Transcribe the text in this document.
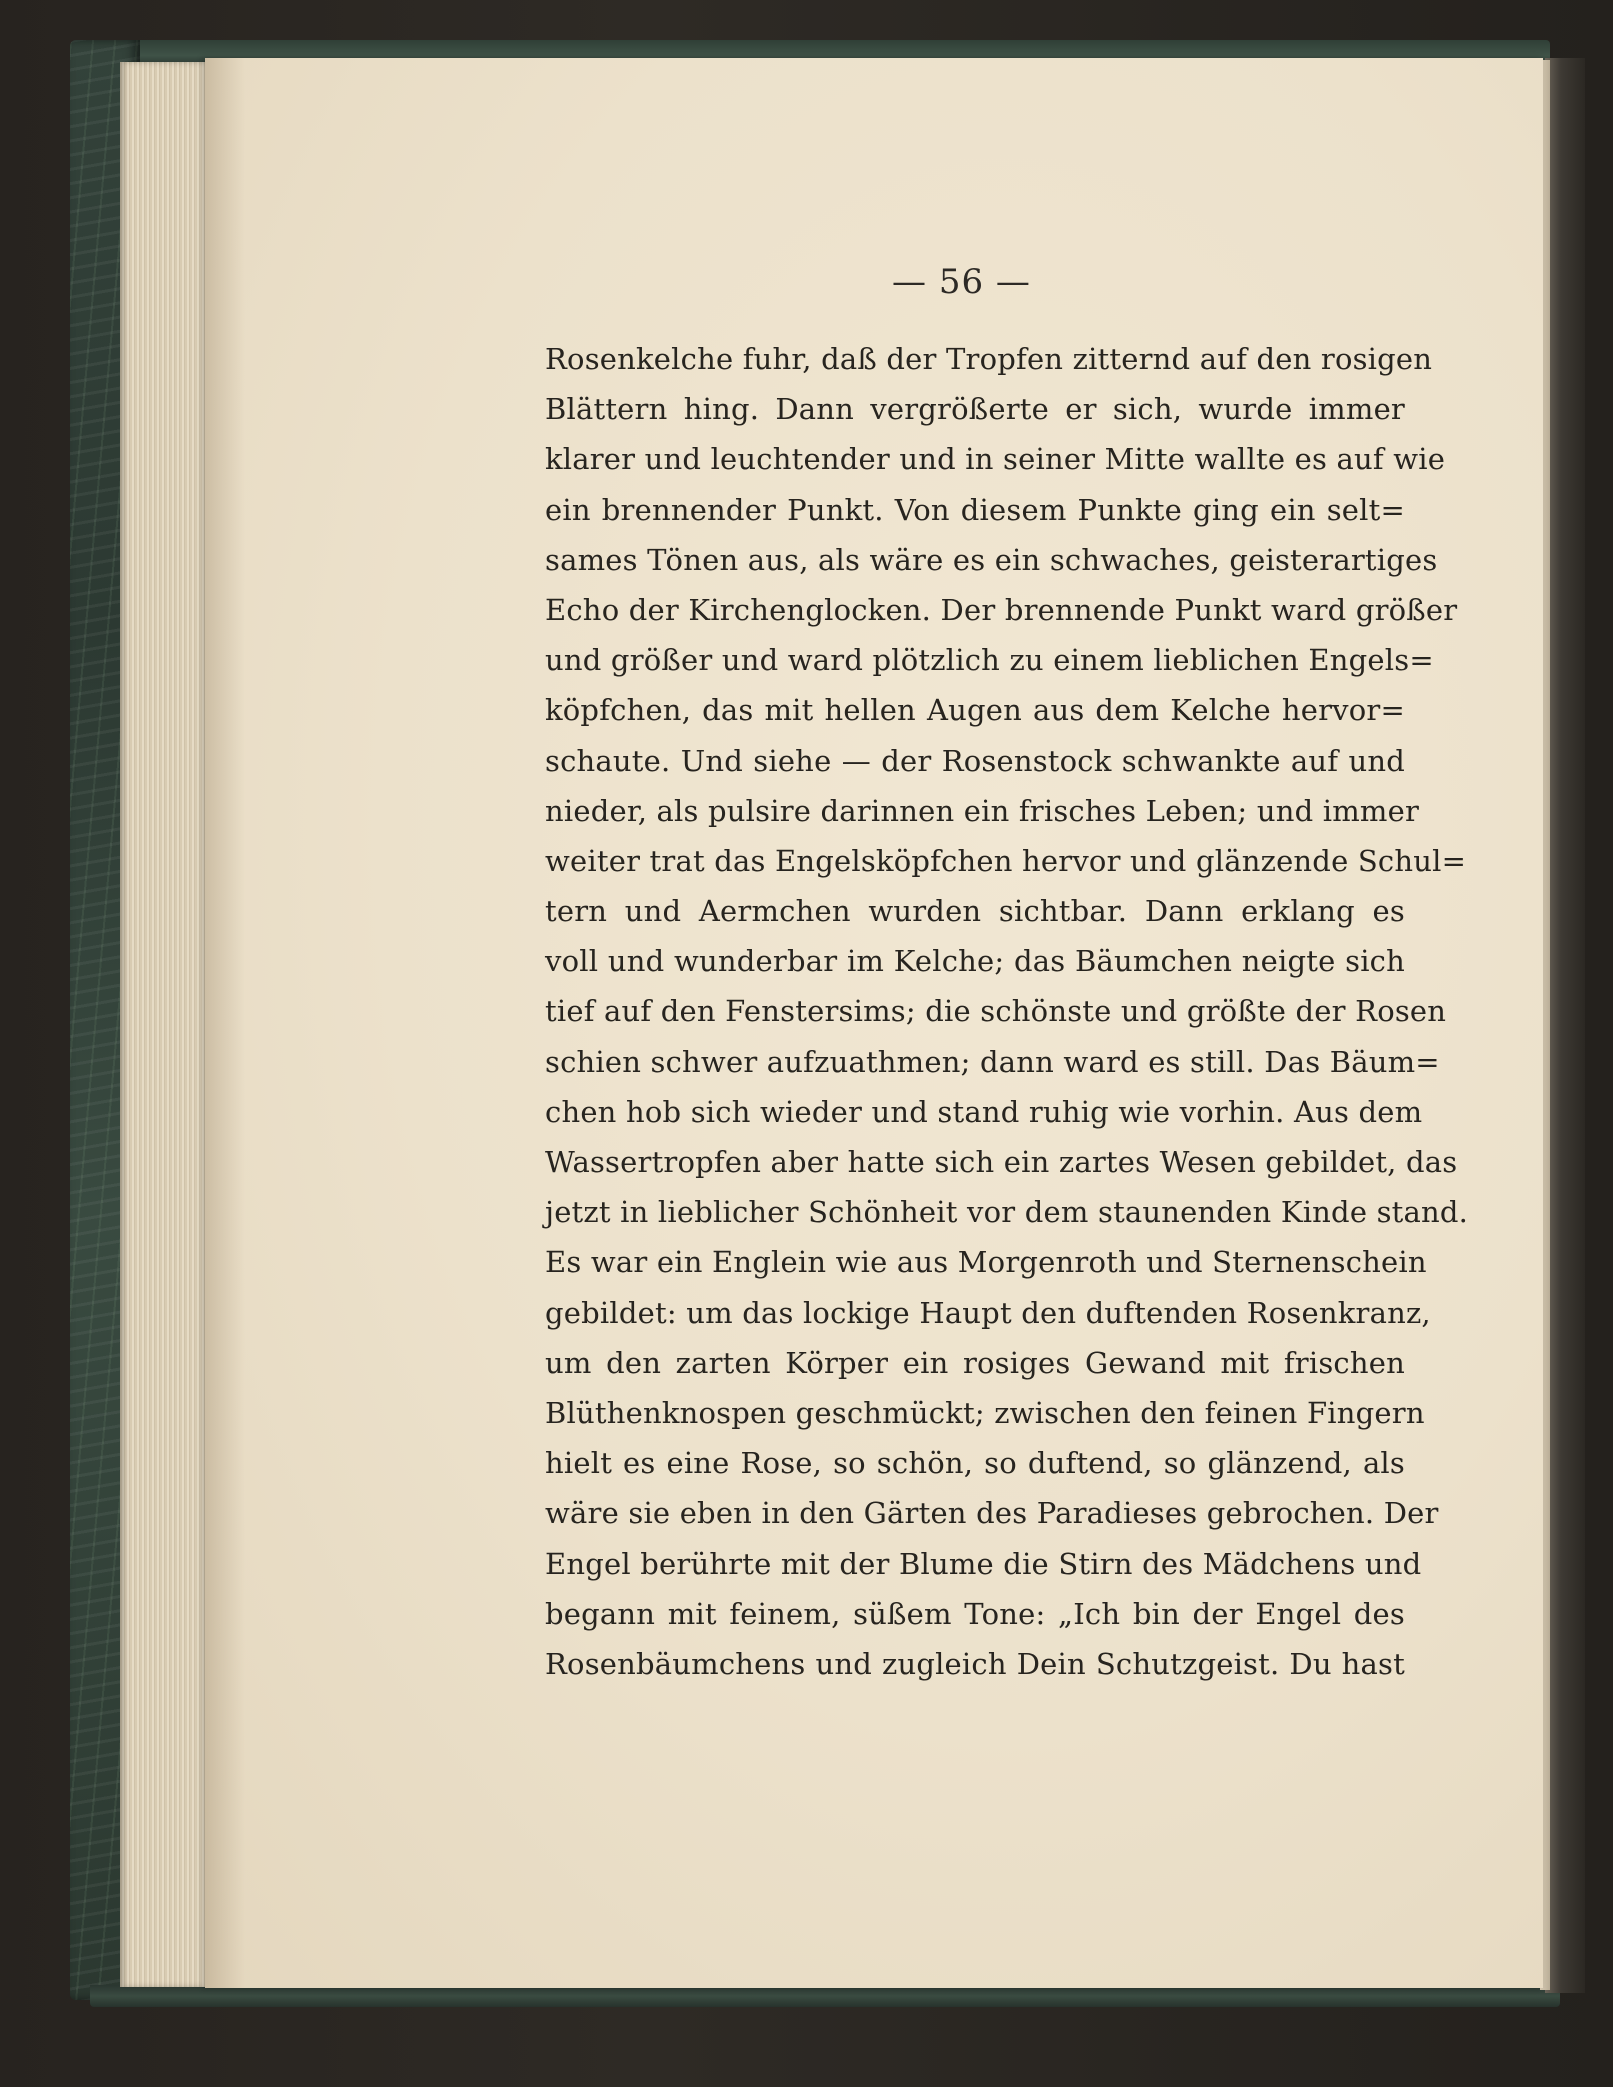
— 56 —
Rosenkelche fuhr, daß der Tropfen zitternd auf den rosigen
Blättern hing. Dann vergrößerte er sich, wurde immer
klarer und leuchtender und in seiner Mitte wallte es auf wie
ein brennender Punkt. Von diesem Punkte ging ein selt=
sames Tönen aus, als wäre es ein schwaches, geisterartiges
Echo der Kirchenglocken. Der brennende Punkt ward größer
und größer und ward plötzlich zu einem lieblichen Engels=
köpfchen, das mit hellen Augen aus dem Kelche hervor=
schaute. Und siehe — der Rosenstock schwankte auf und
nieder, als pulsire darinnen ein frisches Leben; und immer
weiter trat das Engelsköpfchen hervor und glänzende Schul=
tern und Aermchen wurden sichtbar. Dann erklang es
voll und wunderbar im Kelche; das Bäumchen neigte sich
tief auf den Fenstersims; die schönste und größte der Rosen
schien schwer aufzuathmen; dann ward es still. Das Bäum=
chen hob sich wieder und stand ruhig wie vorhin. Aus dem
Wassertropfen aber hatte sich ein zartes Wesen gebildet, das
jetzt in lieblicher Schönheit vor dem staunenden Kinde stand.
Es war ein Englein wie aus Morgenroth und Sternenschein
gebildet: um das lockige Haupt den duftenden Rosenkranz,
um den zarten Körper ein rosiges Gewand mit frischen
Blüthenknospen geschmückt; zwischen den feinen Fingern
hielt es eine Rose, so schön, so duftend, so glänzend, als
wäre sie eben in den Gärten des Paradieses gebrochen. Der
Engel berührte mit der Blume die Stirn des Mädchens und
begann mit feinem, süßem Tone: „Ich bin der Engel des
Rosenbäumchens und zugleich Dein Schutzgeist. Du hast
